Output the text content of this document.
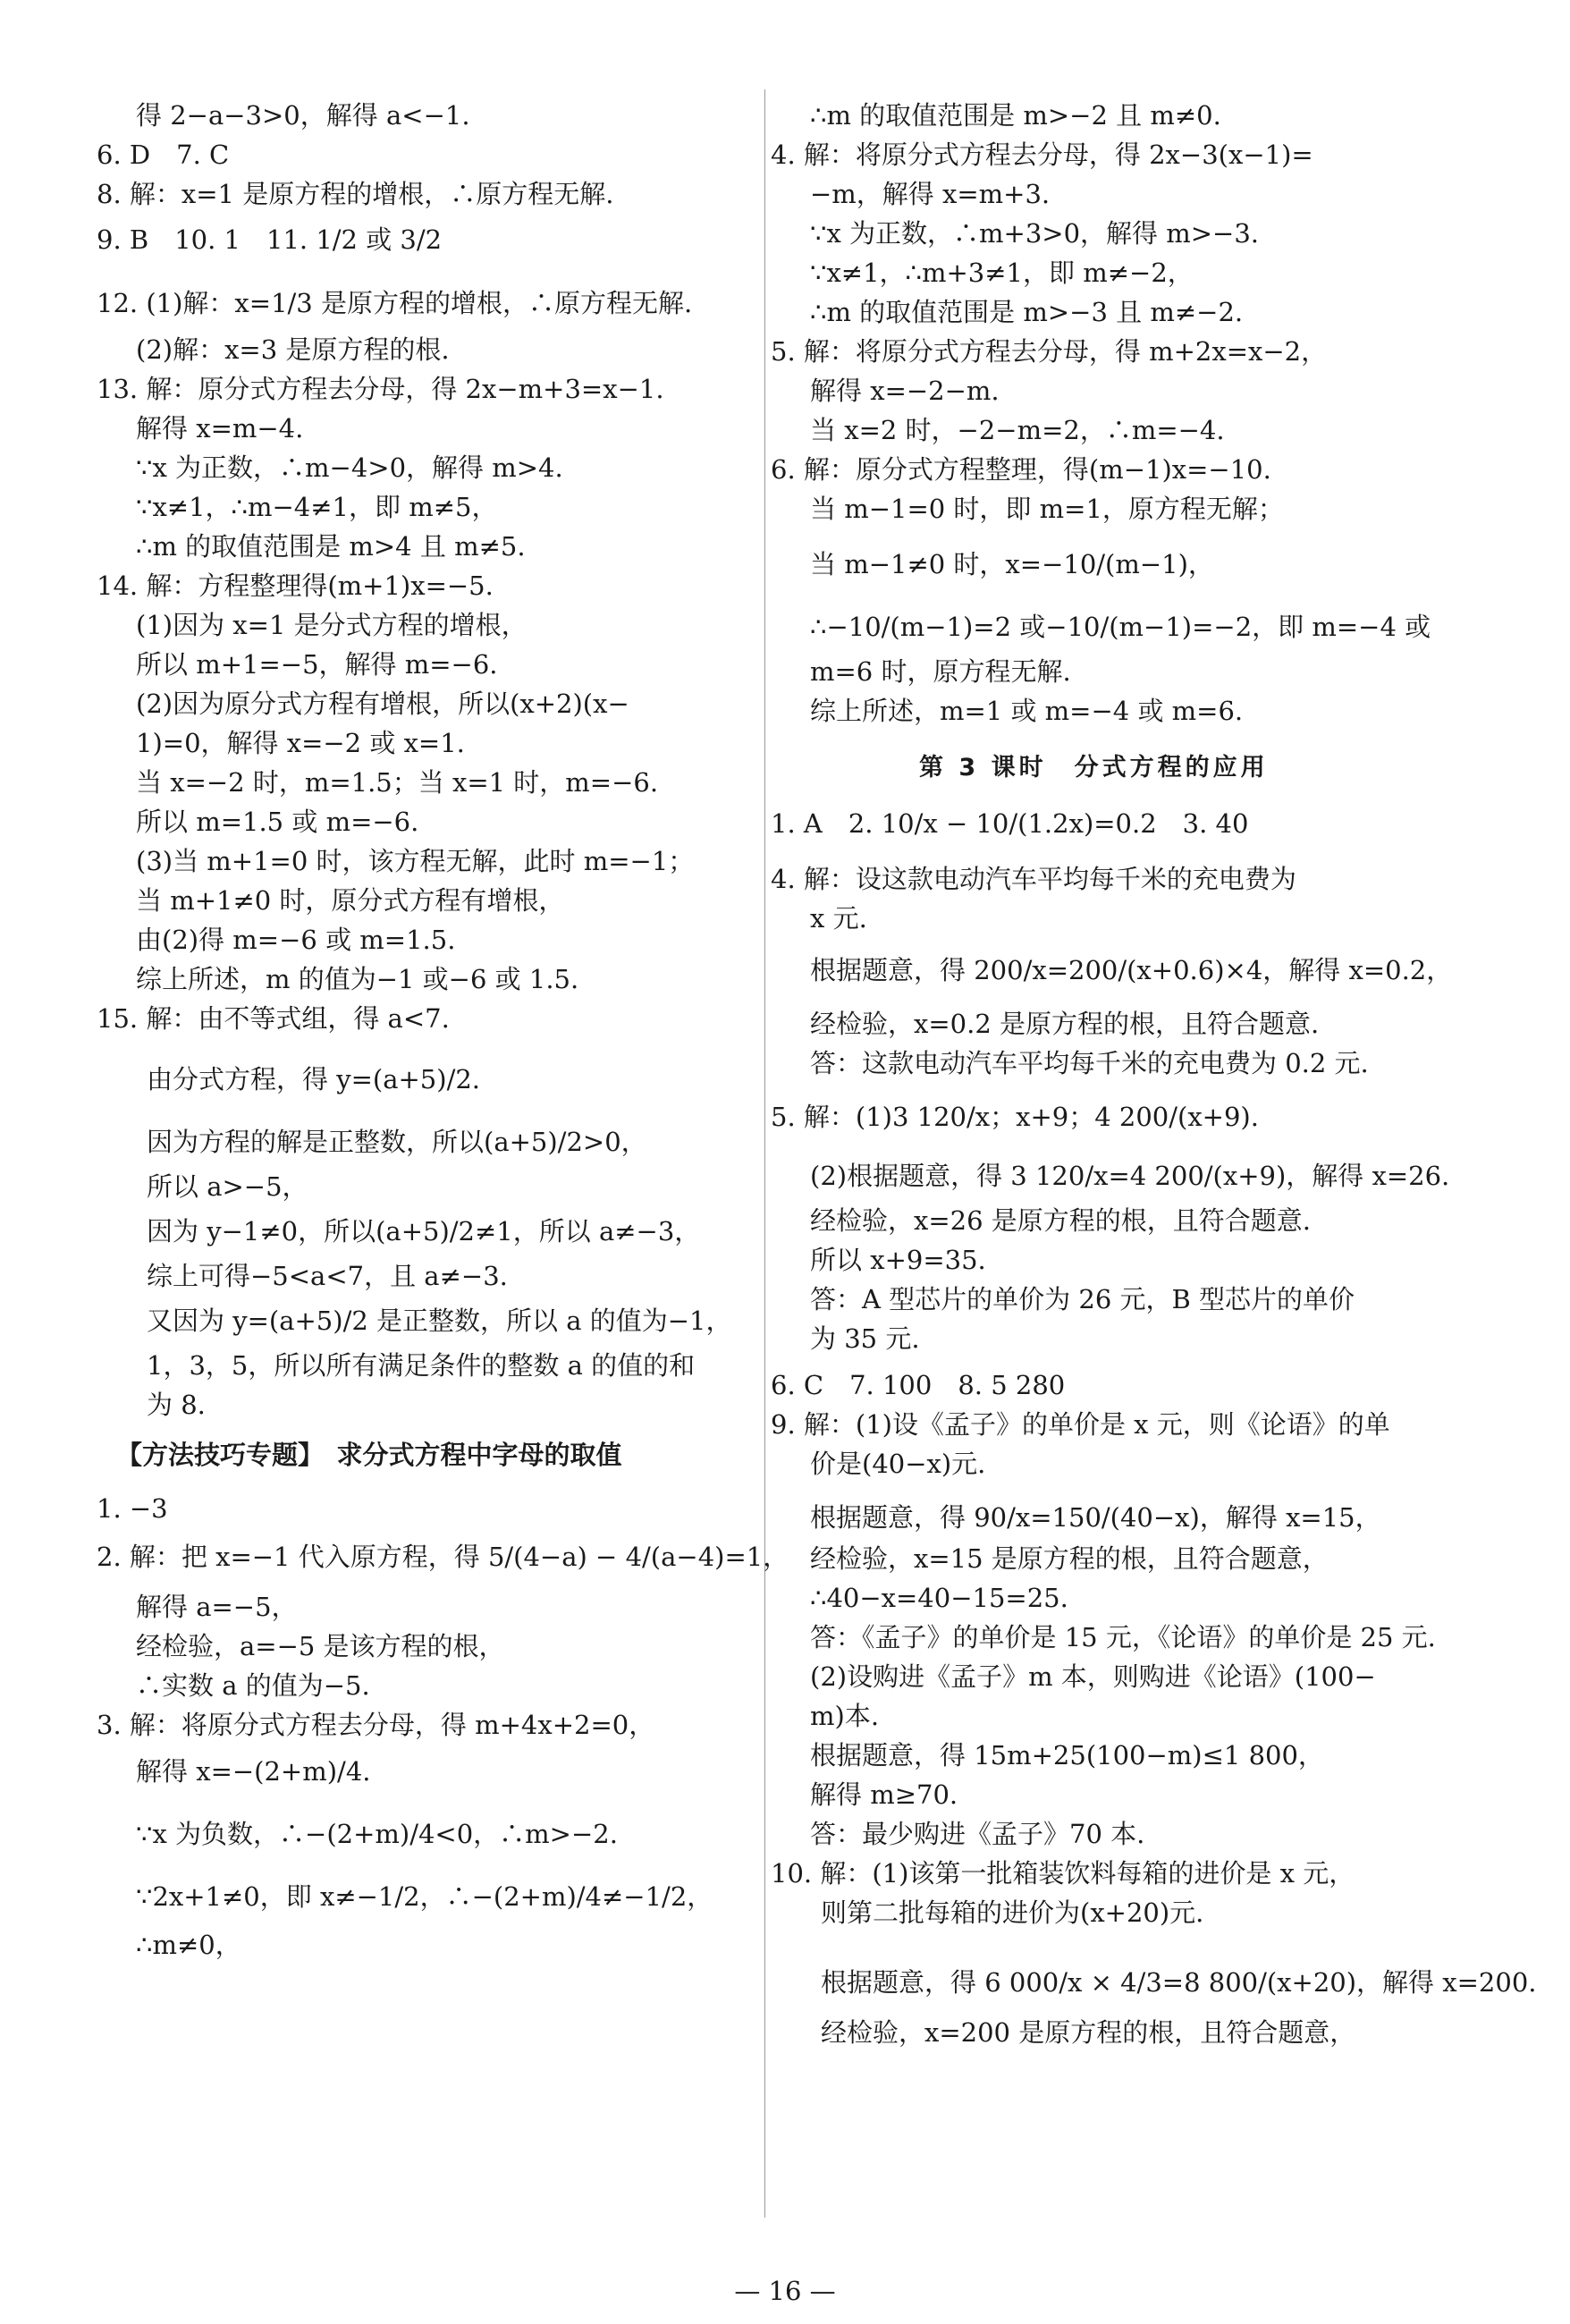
得 2−a−3>0，解得 a<−1.
6. D　7. C
8. 解：x=1 是原方程的增根，∴原方程无解.
9. B　10. 1　11. 1/2 或 3/2
12. (1)解：x=1/3 是原方程的增根，∴原方程无解.
(2)解：x=3 是原方程的根.
13. 解：原分式方程去分母，得 2x−m+3=x−1.
解得 x=m−4.
∵x 为正数，∴m−4>0，解得 m>4.
∵x≠1，∴m−4≠1，即 m≠5，
∴m 的取值范围是 m>4 且 m≠5.
14. 解：方程整理得(m+1)x=−5.
(1)因为 x=1 是分式方程的增根，
所以 m+1=−5，解得 m=−6.
(2)因为原分式方程有增根，所以(x+2)(x−
1)=0，解得 x=−2 或 x=1.
当 x=−2 时，m=1.5；当 x=1 时，m=−6.
所以 m=1.5 或 m=−6.
(3)当 m+1=0 时，该方程无解，此时 m=−1；
当 m+1≠0 时，原分式方程有增根，
由(2)得 m=−6 或 m=1.5.
综上所述，m 的值为−1 或−6 或 1.5.
15. 解：由不等式组，得 a<7.
由分式方程，得 y=(a+5)/2.
因为方程的解是正整数，所以(a+5)/2>0，
所以 a>−5，
因为 y−1≠0，所以(a+5)/2≠1，所以 a≠−3，
综上可得−5<a<7，且 a≠−3.
又因为 y=(a+5)/2 是正整数，所以 a 的值为−1，
1，3，5，所以所有满足条件的整数 a 的值的和
为 8.
【方法技巧专题】　求分式方程中字母的取值
1. −3
2. 解：把 x=−1 代入原方程，得 5/(4−a) − 4/(a−4)=1，
解得 a=−5，
经检验，a=−5 是该方程的根，
∴实数 a 的值为−5.
3. 解：将原分式方程去分母，得 m+4x+2=0，
解得 x=−(2+m)/4.
∵x 为负数，∴−(2+m)/4<0，∴m>−2.
∵2x+1≠0，即 x≠−1/2，∴−(2+m)/4≠−1/2，
∴m≠0，
∴m 的取值范围是 m>−2 且 m≠0.
4. 解：将原分式方程去分母，得 2x−3(x−1)=
−m，解得 x=m+3.
∵x 为正数，∴m+3>0，解得 m>−3.
∵x≠1，∴m+3≠1，即 m≠−2，
∴m 的取值范围是 m>−3 且 m≠−2.
5. 解：将原分式方程去分母，得 m+2x=x−2，
解得 x=−2−m.
当 x=2 时，−2−m=2，∴m=−4.
6. 解：原分式方程整理，得(m−1)x=−10.
当 m−1=0 时，即 m=1，原方程无解；
当 m−1≠0 时，x=−10/(m−1)，
∴−10/(m−1)=2 或−10/(m−1)=−2，即 m=−4 或
m=6 时，原方程无解.
综上所述，m=1 或 m=−4 或 m=6.
第 3 课时　分式方程的应用
1. A　2. 10/x − 10/(1.2x)=0.2　3. 40
4. 解：设这款电动汽车平均每千米的充电费为
x 元.
根据题意，得 200/x=200/(x+0.6)×4，解得 x=0.2，
经检验，x=0.2 是原方程的根，且符合题意.
答：这款电动汽车平均每千米的充电费为 0.2 元.
5. 解：(1)3 120/x；x+9；4 200/(x+9).
(2)根据题意，得 3 120/x=4 200/(x+9)，解得 x=26.
经检验，x=26 是原方程的根，且符合题意.
所以 x+9=35.
答：A 型芯片的单价为 26 元，B 型芯片的单价
为 35 元.
6. C　7. 100　8. 5 280
9. 解：(1)设《孟子》的单价是 x 元，则《论语》的单
价是(40−x)元.
根据题意，得 90/x=150/(40−x)，解得 x=15，
经检验，x=15 是原方程的根，且符合题意，
∴40−x=40−15=25.
答：《孟子》的单价是 15 元，《论语》的单价是 25 元.
(2)设购进《孟子》m 本，则购进《论语》(100−
m)本.
根据题意，得 15m+25(100−m)≤1 800，
解得 m≥70.
答：最少购进《孟子》70 本.
10. 解：(1)该第一批箱装饮料每箱的进价是 x 元，
则第二批每箱的进价为(x+20)元.
根据题意，得 6 000/x × 4/3=8 800/(x+20)，解得 x=200.
经检验，x=200 是原方程的根，且符合题意，
— 16 —
